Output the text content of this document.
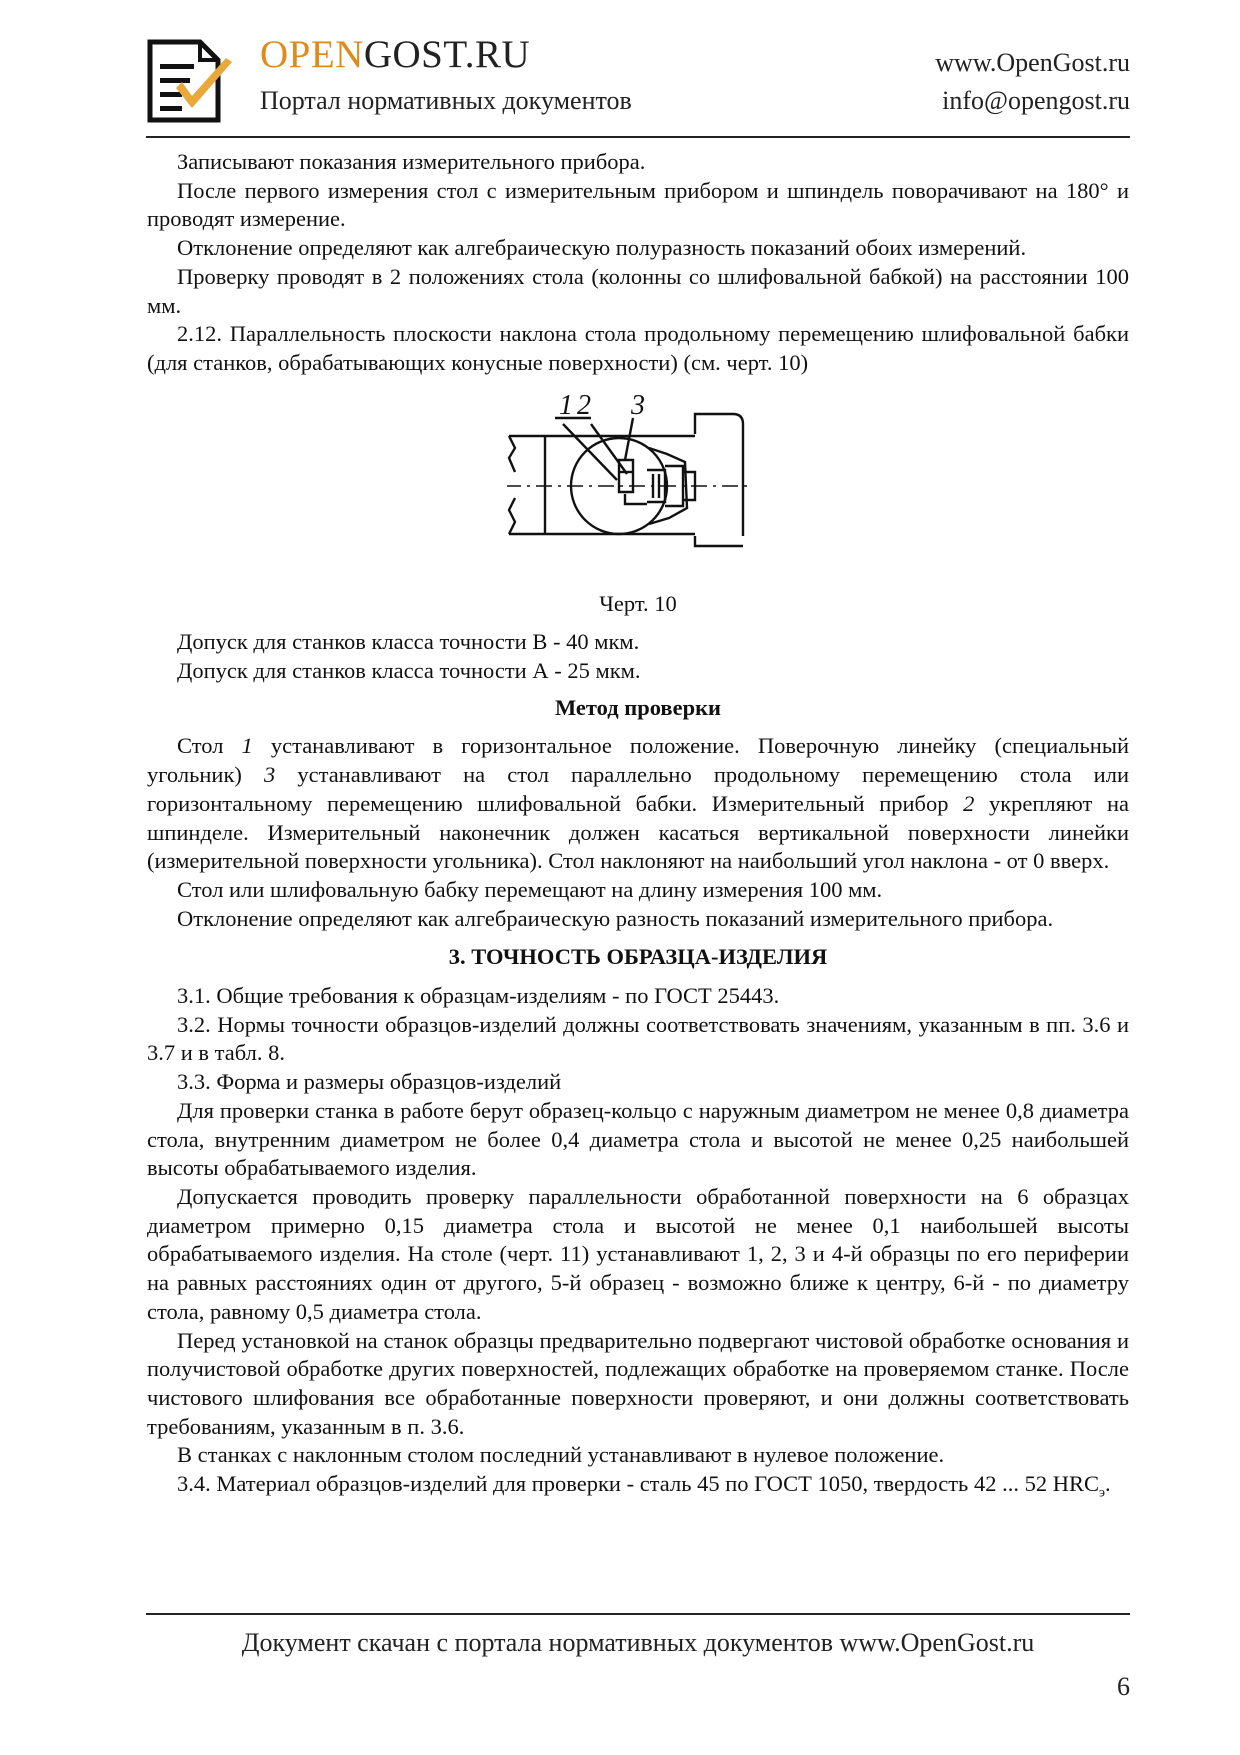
OPENGOST.RU
Портал нормативных документов
www.OpenGost.ru
info@opengost.ru

Записывают показания измерительного прибора.

После первого измерения стол с измерительным прибором и шпиндель поворачивают на 180° и проводят измерение.

Отклонение определяют как алгебраическую полуразность показаний обоих измерений.

Проверку проводят в 2 положениях стола (колонны со шлифовальной бабкой) на расстоянии 100 мм.

2.12. Параллельность плоскости наклона стола продольному перемещению шлифовальной бабки (для станков, обрабатывающих конусные поверхности) (см. черт. 10)

1 2 3
Черт. 10

Допуск для станков класса точности В - 40 мкм.

Допуск для станков класса точности А - 25 мкм.

Метод проверки

Стол 1 устанавливают в горизонтальное положение. Поверочную линейку (специальный угольник) 3 устанавливают на стол параллельно продольному перемещению стола или горизонтальному перемещению шлифовальной бабки. Измерительный прибор 2 укрепляют на шпинделе. Измерительный наконечник должен касаться вертикальной поверхности линейки (измерительной поверхности угольника). Стол наклоняют на наибольший угол наклона - от 0 вверх.

Стол или шлифовальную бабку перемещают на длину измерения 100 мм.

Отклонение определяют как алгебраическую разность показаний измерительного прибора.

3. ТОЧНОСТЬ ОБРАЗЦА-ИЗДЕЛИЯ

3.1. Общие требования к образцам-изделиям - по ГОСТ 25443.

3.2. Нормы точности образцов-изделий должны соответствовать значениям, указанным в пп. 3.6 и 3.7 и в табл. 8.

3.3. Форма и размеры образцов-изделий

Для проверки станка в работе берут образец-кольцо с наружным диаметром не менее 0,8 диаметра стола, внутренним диаметром не более 0,4 диаметра стола и высотой не менее 0,25 наибольшей высоты обрабатываемого изделия.

Допускается проводить проверку параллельности обработанной поверхности на 6 образцах диаметром примерно 0,15 диаметра стола и высотой не менее 0,1 наибольшей высоты обрабатываемого изделия. На столе (черт. 11) устанавливают 1, 2, 3 и 4-й образцы по его периферии на равных расстояниях один от другого, 5-й образец - возможно ближе к центру, 6-й - по диаметру стола, равному 0,5 диаметра стола.

Перед установкой на станок образцы предварительно подвергают чистовой обработке основания и получистовой обработке других поверхностей, подлежащих обработке на проверяемом станке. После чистового шлифования все обработанные поверхности проверяют, и они должны соответствовать требованиям, указанным в п. 3.6.

В станках с наклонным столом последний устанавливают в нулевое положение.

3.4. Материал образцов-изделий для проверки - сталь 45 по ГОСТ 1050, твердость 42 ... 52 $HRC_э$.

Документ скачан с портала нормативных документов www.OpenGost.ru
6
